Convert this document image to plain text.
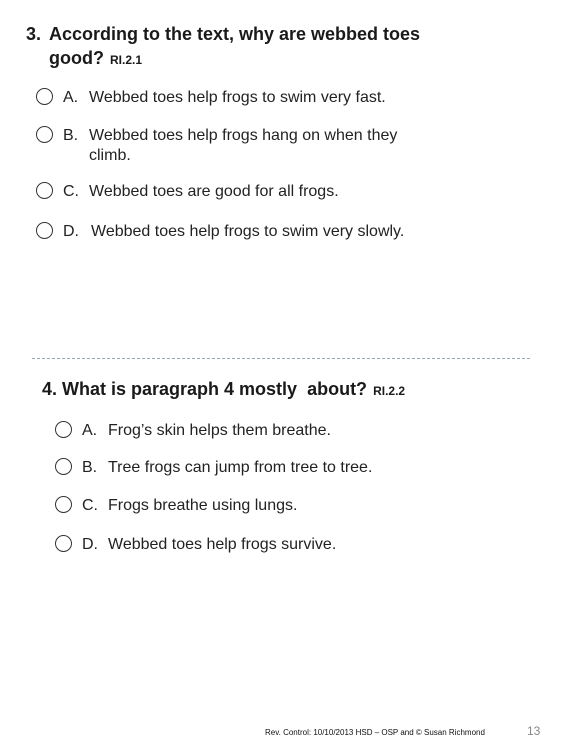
3. According to the text, why are webbed toes
good? RI.2.1
A. Webbed toes help frogs to swim very fast.
B. Webbed toes help frogs hang on when they
climb.
C. Webbed toes are good for all frogs.
D. Webbed toes help frogs to swim very slowly.
4. What is paragraph 4 mostly  about? RI.2.2
A. Frog’s skin helps them breathe.
B. Tree frogs can jump from tree to tree.
C. Frogs breathe using lungs.
D. Webbed toes help frogs survive.
Rev. Control: 10/10/2013 HSD – OSP and © Susan Richmond	13
